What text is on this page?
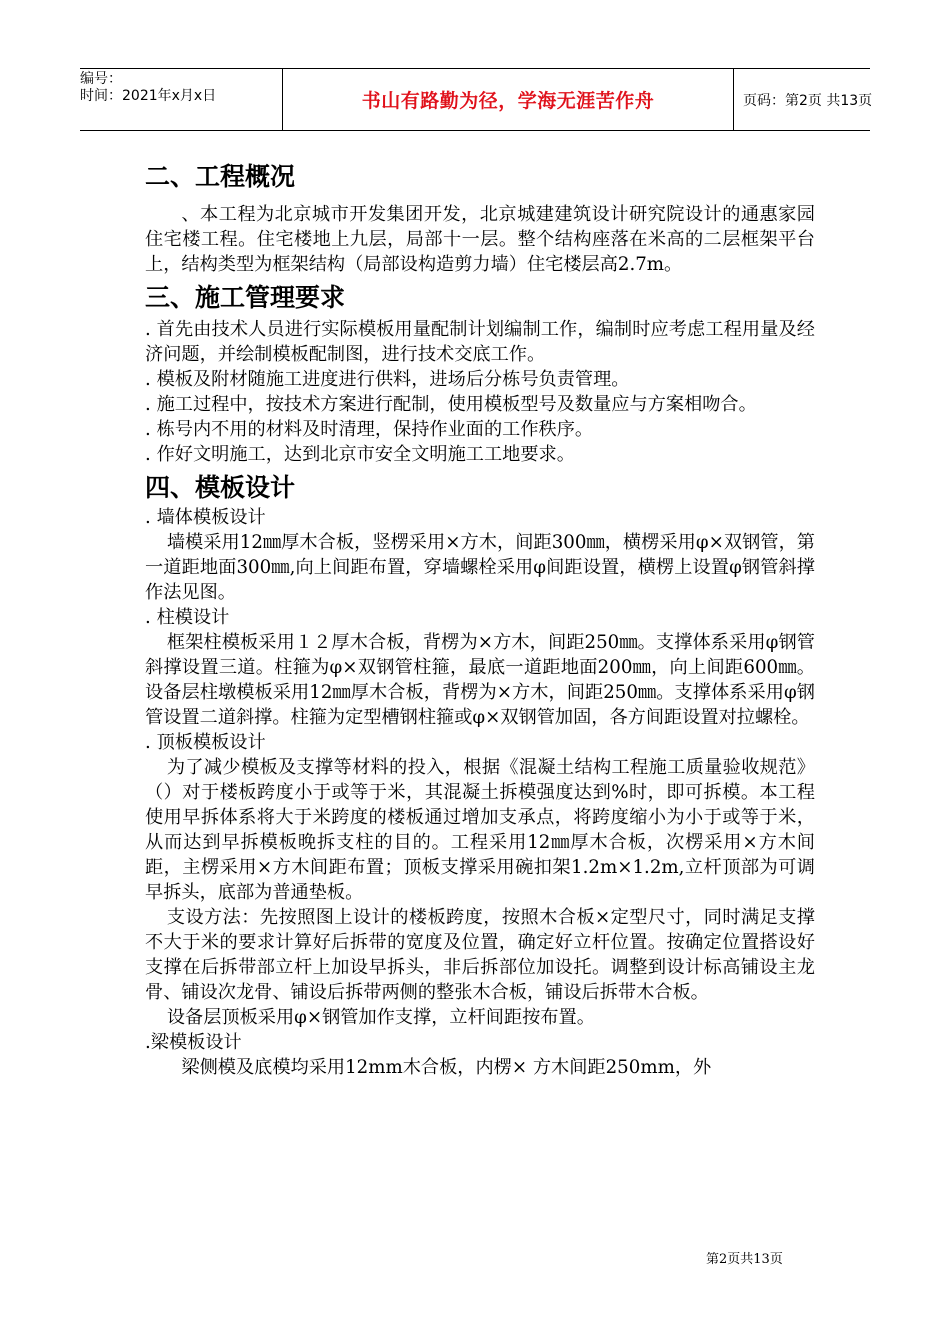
编号：
时间：2021年x月x日	书山有路勤为径，学海无涯苦作舟	页码：第2页 共13页
二、工程概况

、本工程为北京城市开发集团开发，北京城建建筑设计研究院设计的通惠家园住宅楼工程。住宅楼地上九层，局部十一层。整个结构座落在米高的二层框架平台上，结构类型为框架结构（局部设构造剪力墙）住宅楼层高2.7m。

三、施工管理要求

. 首先由技术人员进行实际模板用量配制计划编制工作，编制时应考虑工程用量及经济问题，并绘制模板配制图，进行技术交底工作。

. 模板及附材随施工进度进行供料，进场后分栋号负责管理。

. 施工过程中，按技术方案进行配制，使用模板型号及数量应与方案相吻合。

. 栋号内不用的材料及时清理，保持作业面的工作秩序。

. 作好文明施工，达到北京市安全文明施工工地要求。

四、模板设计

. 墙体模板设计

墙模采用12㎜厚木合板，竖楞采用×方木，间距300㎜，横楞采用φ×双钢管，第一道距地面300㎜,向上间距布置，穿墙螺栓采用φ间距设置，横楞上设置φ钢管斜撑作法见图。

. 柱模设计

框架柱模板采用１２厚木合板，背楞为×方木，间距250㎜。支撑体系采用φ钢管斜撑设置三道。柱箍为φ×双钢管柱箍，最底一道距地面200㎜，向上间距600㎜。 设备层柱墩模板采用12㎜厚木合板，背楞为×方木，间距250㎜。支撑体系采用φ钢管设置二道斜撑。柱箍为定型槽钢柱箍或φ×双钢管加固，各方间距设置对拉螺栓。

. 顶板模板设计

为了减少模板及支撑等材料的投入，根据《混凝土结构工程施工质量验收规范》（）对于楼板跨度小于或等于米，其混凝土拆模强度达到%时，即可拆模。本工程使用早拆体系将大于米跨度的楼板通过增加支承点，将跨度缩小为小于或等于米，从而达到早拆模板晚拆支柱的目的。工程采用12㎜厚木合板，次楞采用×方木间距，主楞采用×方木间距布置；顶板支撑采用碗扣架1.2m×1.2m,立杆顶部为可调早拆头，底部为普通垫板。

支设方法：先按照图上设计的楼板跨度，按照木合板×定型尺寸，同时满足支撑不大于米的要求计算好后拆带的宽度及位置，确定好立杆位置。按确定位置搭设好支撑在后拆带部立杆上加设早拆头，非后拆部位加设托。调整到设计标高铺设主龙骨、铺设次龙骨、铺设后拆带两侧的整张木合板，铺设后拆带木合板。

设备层顶板采用φ×钢管加作支撑，立杆间距按布置。

.梁模板设计

梁侧模及底模均采用12mm木合板，内楞× 方木间距250mm，外

第2页共13页
